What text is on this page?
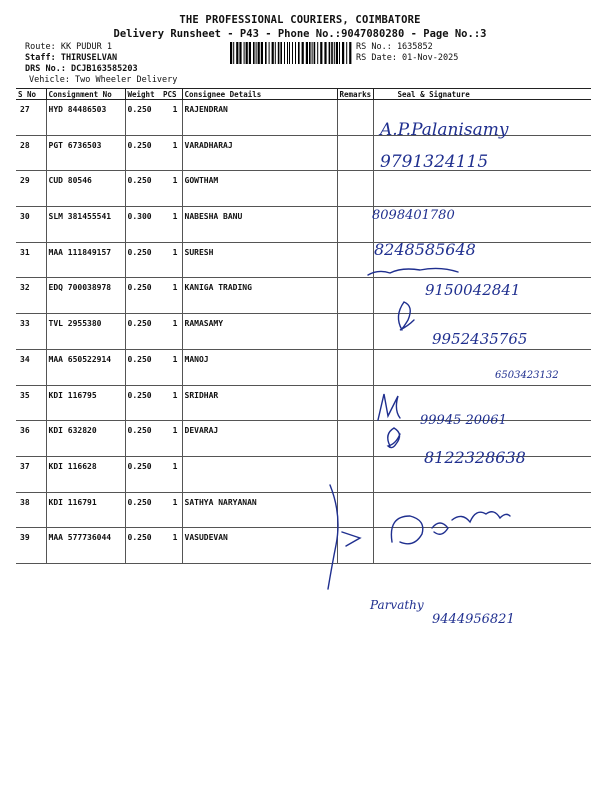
THE PROFESSIONAL COURIERS, COIMBATORE
Delivery Runsheet - P43 - Phone No.:9047080280 - Page No.:3
Route: KK PUDUR 1
Staff: THIRUSELVAN
DRS No.: DCJB163585203
Vehicle: Two Wheeler Delivery
RS No.: 1635852
RS Date: 01-Nov-2025
S No	Consignment No	Weight	PCS	Consignee Details	Remarks	Seal & Signature
27	HYD 84486503	0.250	1	RAJENDRAN		
28	PGT 6736503	0.250	1	VARADHARAJ		
29	CUD 80546	0.250	1	GOWTHAM		
30	SLM 381455541	0.300	1	NABESHA BANU		
31	MAA 111849157	0.250	1	SURESH		
32	EDQ 700038978	0.250	1	KANIGA TRADING		
33	TVL 2955380	0.250	1	RAMASAMY		
34	MAA 650522914	0.250	1	MANOJ		
35	KDI 116795	0.250	1	SRIDHAR		
36	KDI 632820	0.250	1	DEVARAJ		
37	KDI 116628	0.250	1			
38	KDI 116791	0.250	1	SATHYA NARYANAN		
39	MAA 577736044	0.250	1	VASUDEVAN		
A.P.Palanisamy
9791324115
8098401780
8248585648
9150042841
9952435765
6503423132
99945 20061
8122328638
Parvathy
9444956821
